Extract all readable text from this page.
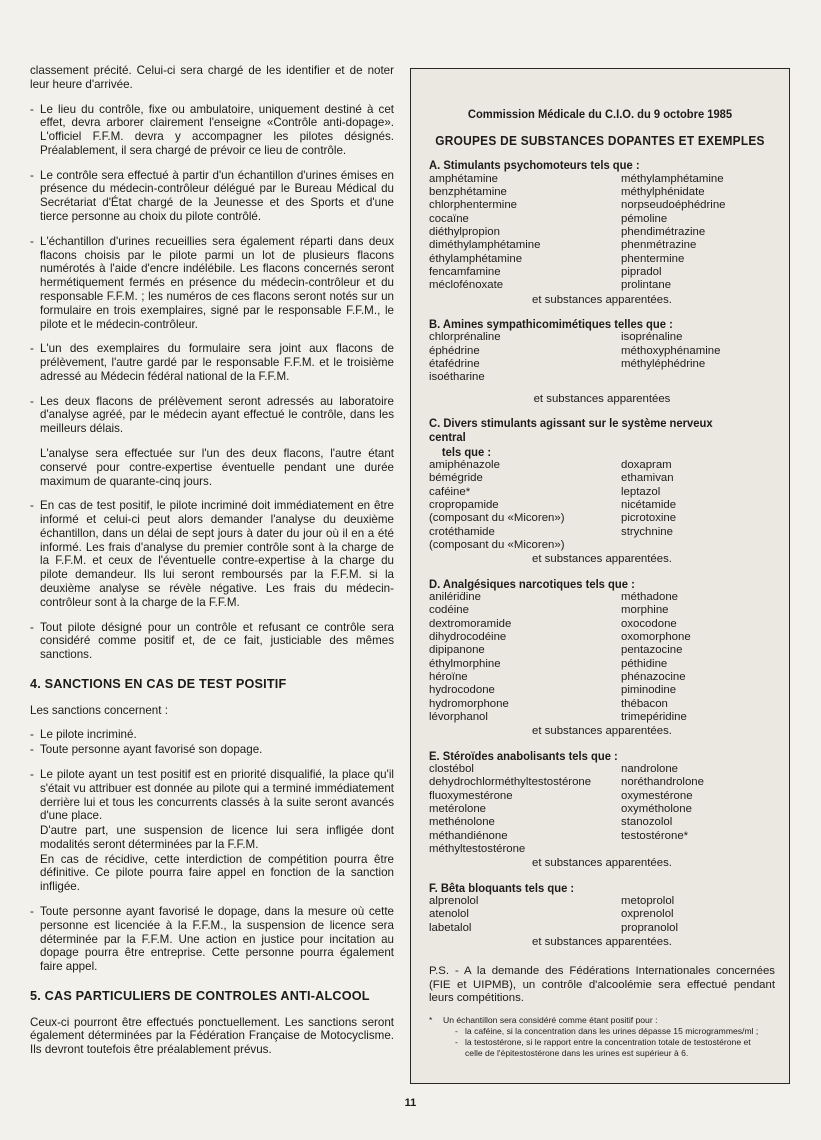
classement précité. Celui-ci sera chargé de les identifier et de noter leur heure d'arrivée.

- Le lieu du contrôle, fixe ou ambulatoire, uniquement destiné à cet effet, devra arborer clairement l'enseigne «Contrôle anti-dopage». L'officiel F.F.M. devra y accompagner les pilotes désignés. Préalablement, il sera chargé de prévoir ce lieu de contrôle.
- Le contrôle sera effectué à partir d'un échantillon d'urines émises en présence du médecin-contrôleur délégué par le Bureau Médical du Secrétariat d'État chargé de la Jeunesse et des Sports et d'une tierce personne au choix du pilote contrôlé.
- L'échantillon d'urines recueillies sera également réparti dans deux flacons choisis par le pilote parmi un lot de plusieurs flacons numérotés à l'aide d'encre indélébile. Les flacons concernés seront hermétiquement fermés en présence du médecin-contrôleur et du responsable F.F.M. ; les numéros de ces flacons seront notés sur un formulaire en trois exemplaires, signé par le responsable F.F.M., le pilote et le médecin-contrôleur.
- L'un des exemplaires du formulaire sera joint aux flacons de prélèvement, l'autre gardé par le responsable F.F.M. et le troisième adressé au Médecin fédéral national de la F.F.M.
- Les deux flacons de prélèvement seront adressés au laboratoire d'analyse agréé, par le médecin ayant effectué le contrôle, dans les meilleurs délais.

L'analyse sera effectuée sur l'un des deux flacons, l'autre étant conservé pour contre-expertise éventuelle pendant une durée maximum de quarante-cinq jours.

- En cas de test positif, le pilote incriminé doit immédiatement en être informé et celui-ci peut alors demander l'analyse du deuxième échantillon, dans un délai de sept jours à dater du jour où il en a été informé. Les frais d'analyse du premier contrôle sont à la charge de la F.F.M. et ceux de l'éventuelle contre-expertise à la charge du pilote demandeur. Ils lui seront remboursés par la F.F.M. si la deuxième analyse se révèle négative. Les frais du médecin-contrôleur sont à la charge de la F.F.M.
- Tout pilote désigné pour un contrôle et refusant ce contrôle sera considéré comme positif et, de ce fait, justiciable des mêmes sanctions.
4. SANCTIONS EN CAS DE TEST POSITIF

Les sanctions concernent :

- Le pilote incriminé.
- Toute personne ayant favorisé son dopage.
- Le pilote ayant un test positif est en priorité disqualifié, la place qu'il s'était vu attribuer est donnée au pilote qui a terminé immédiatement derrière lui et tous les concurrents classés à la suite seront avancés d'une place.

D'autre part, une suspension de licence lui sera infligée dont modalités seront déterminées par la F.F.M.

En cas de récidive, cette interdiction de compétition pourra être définitive. Ce pilote pourra faire appel en fonction de la sanction infligée.

- Toute personne ayant favorisé le dopage, dans la mesure où cette personne est licenciée à la F.F.M., la suspension de licence sera déterminée par la F.F.M. Une action en justice pour incitation au dopage pourra être entreprise. Cette personne pourra également faire appel.
5. CAS PARTICULIERS DE CONTROLES ANTI-ALCOOL

Ceux-ci pourront être effectués ponctuellement. Les sanctions seront également déterminées par la Fédération Française de Motocyclisme. Ils devront toutefois être préalablement prévus.

Commission Médicale du C.I.O. du 9 octobre 1985
GROUPES DE SUBSTANCES DOPANTES ET EXEMPLES
A. Stimulants psychomoteurs tels que :
amphétamine	méthylamphétamine
benzphétamine	méthylphénidate
chlorphentermine	norpseudoéphédrine
cocaïne	pémoline
diéthylpropion	phendimétrazine
diméthylamphétamine	phenmétrazine
éthylamphétamine	phentermine
fencamfamine	pipradol
méclofénoxate	prolintane
et substances apparentées.
B. Amines sympathicomimétiques telles que :
chlorprénaline	isoprénaline
éphédrine	méthoxyphénamine
étafédrine	méthyléphédrine
isoétharine
et substances apparentées
C. Divers stimulants agissant sur le système nerveux central
tels que :
amiphénazole	doxapram
bémégride	ethamivan
caféine*	leptazol
cropropamide	nicétamide
(composant du «Micoren»)	picrotoxine
crotéthamide	strychnine
(composant du «Micoren»)
et substances apparentées.
D. Analgésiques narcotiques tels que :
anilériḋine	méthadone
codéine	morphine
dextromoramide	oxocodone
dihydrocodéine	oxomorphone
dipipanone	pentazocine
éthylmorphine	péthidine
héroïne	phénazocine
hydrocodone	piminodine
hydromorphone	thébacon
lévorphanol	trimepéridine
et substances apparentées.
E. Stéroïdes anabolisants tels que :
clostébol	nandrolone
dehydrochlorméthyltestostérone	noréthandrolone
fluoxymestérone	oxymestérone
metérolone	oxymétholone
methénolone	stanozolol
méthandiénone	testostérone*
méthyltestostérone
et substances apparentées.
F. Bêta bloquants tels que :
alprenolol	metoprolol
atenolol	oxprenolol
labetalol	propranolol
et substances apparentées.

P.S. - A la demande des Fédérations Internationales concernées (FIE et UIPMB), un contrôle d'alcoolémie sera effectué pendant leurs compétitions.

*	Un échantillon sera considéré comme étant positif pour :
- la caféine, si la concentration dans les urines dépasse 15 microgrammes/ml ;
- la testostérone, si le rapport entre la concentration totale de testostérone et celle de l'épitestostérone dans les urines est supérieur à 6.
11
